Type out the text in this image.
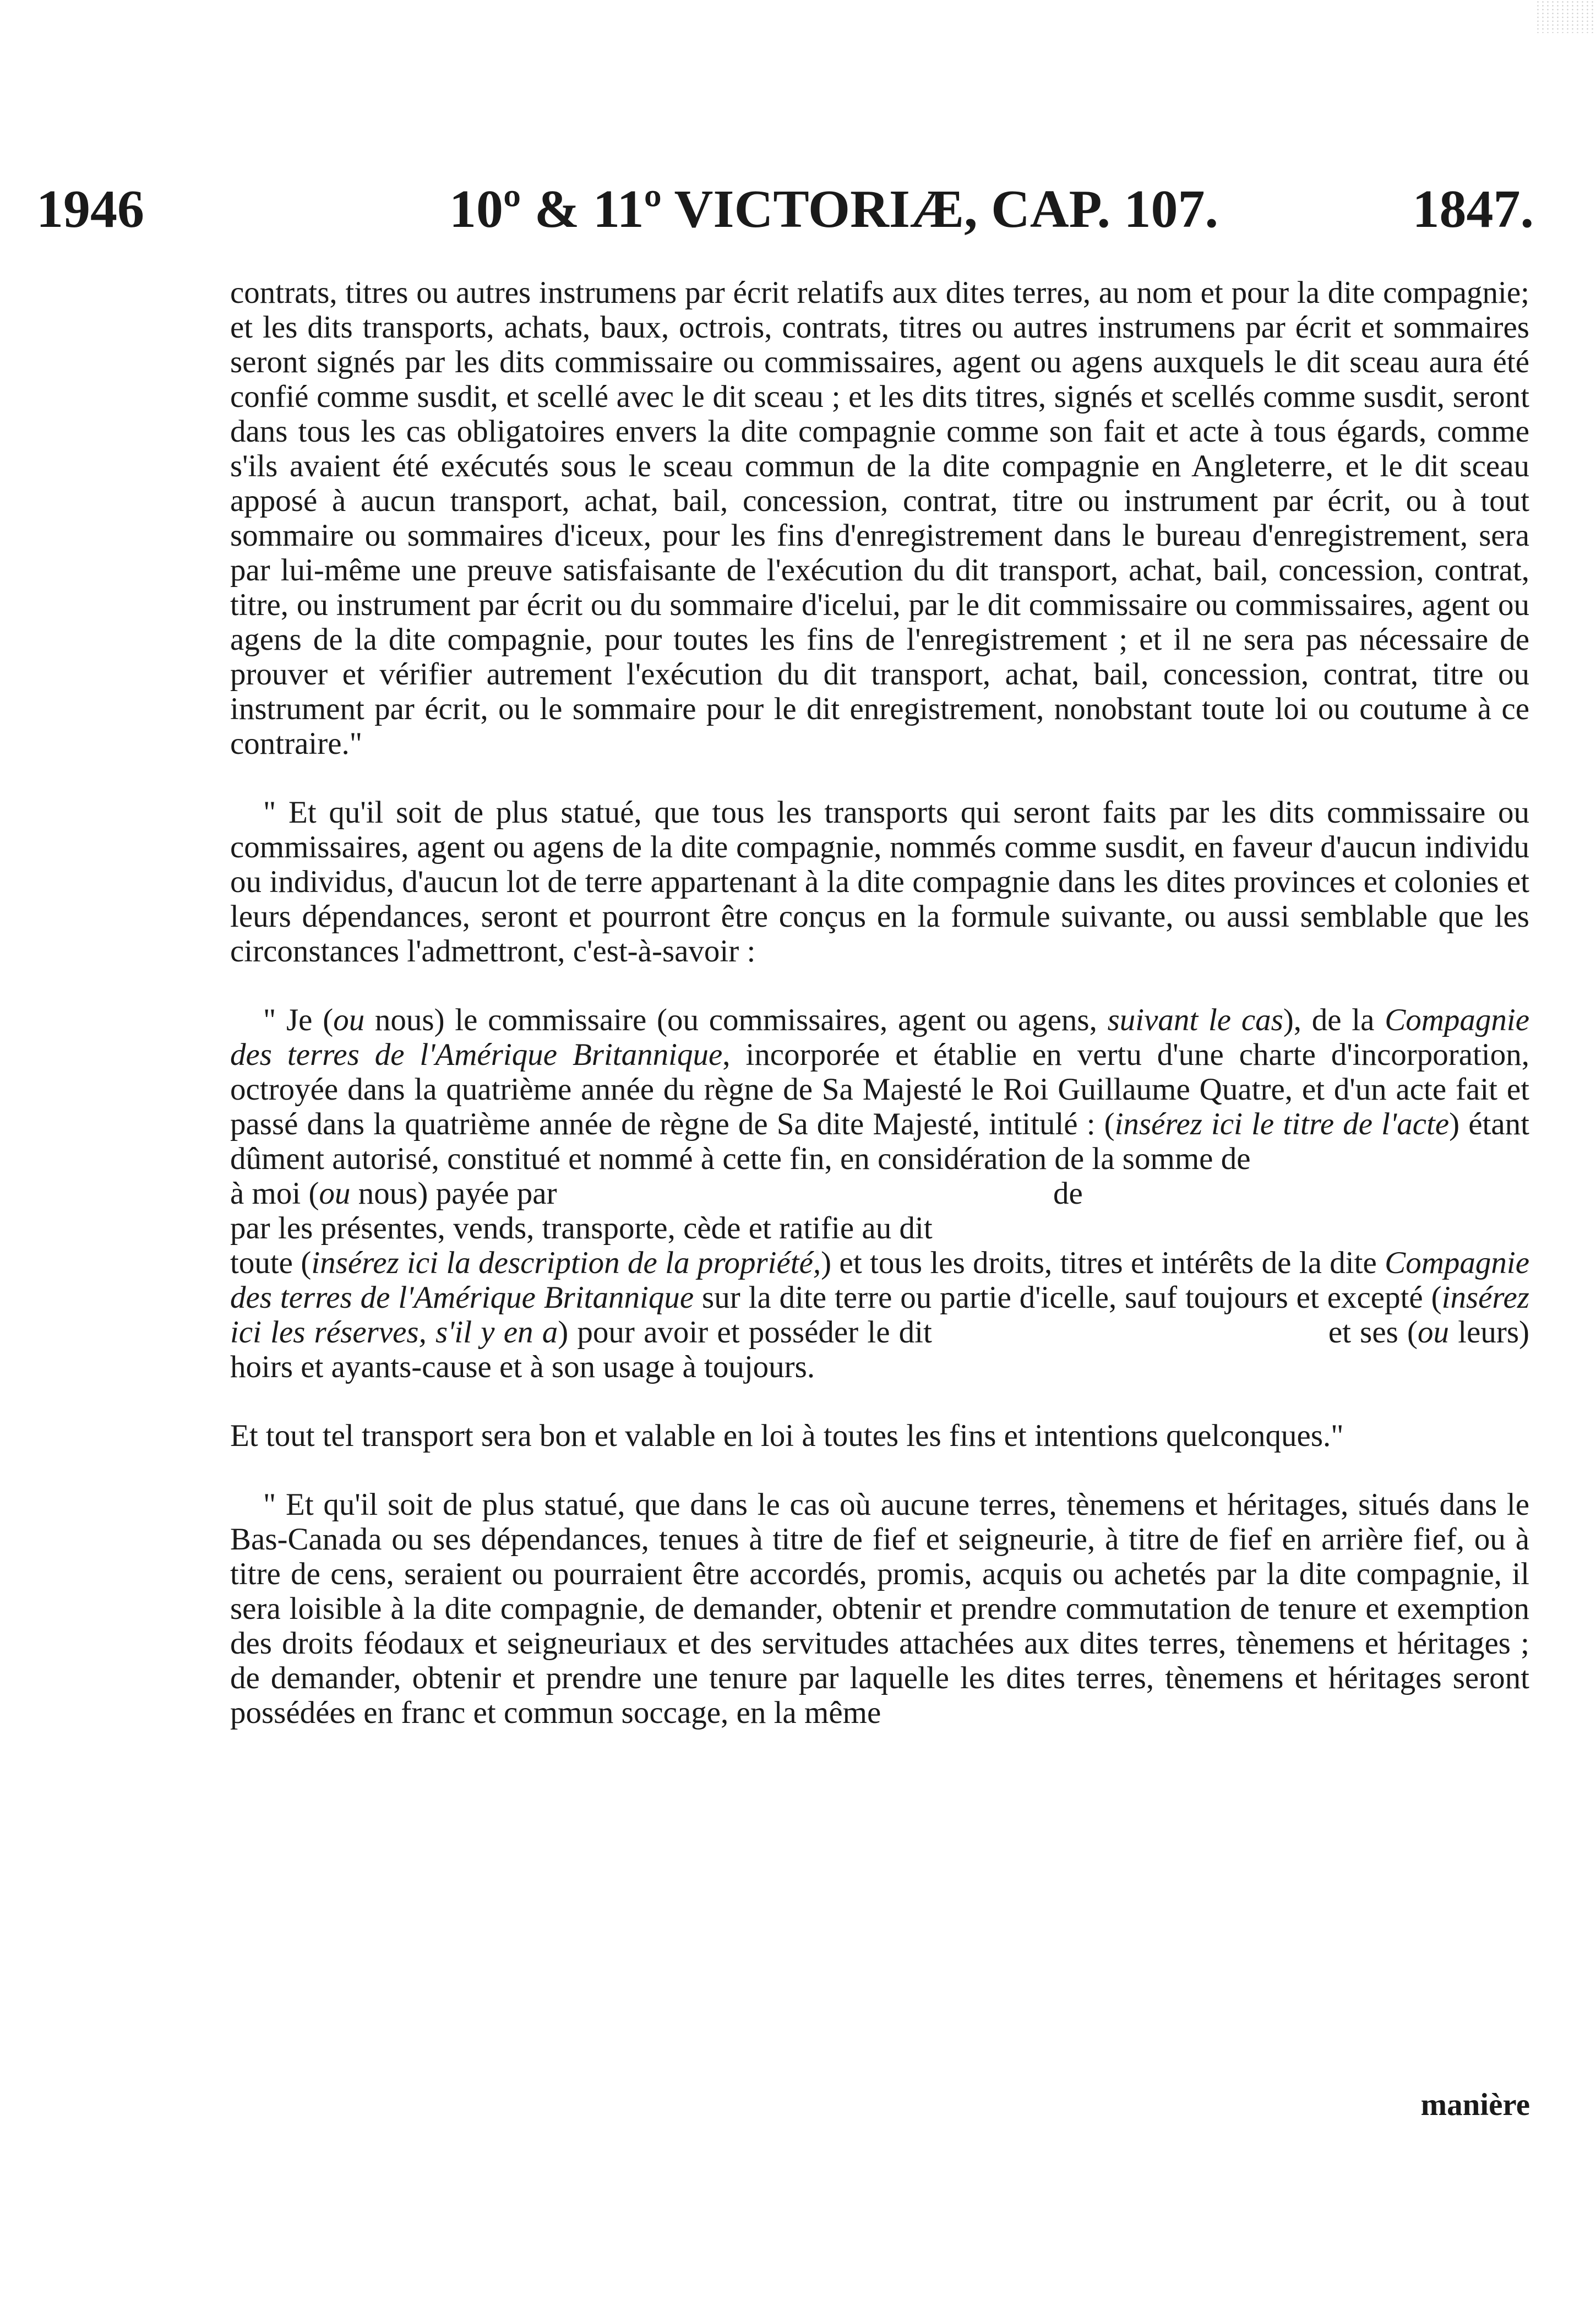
1946	10º & 11º VICTORIÆ, CAP. 107.	1847.

contrats, titres ou autres instrumens par écrit relatifs aux dites terres, au nom et pour la dite compagnie; et les dits transports, achats, baux, octrois, contrats, titres ou autres instrumens par écrit et sommaires seront signés par les dits commissaire ou commissaires, agent ou agens auxquels le dit sceau aura été confié comme susdit, et scellé avec le dit sceau ; et les dits titres, signés et scellés comme susdit, seront dans tous les cas obligatoires envers la dite compagnie comme son fait et acte à tous égards, comme s'ils avaient été exécutés sous le sceau commun de la dite compagnie en Angleterre, et le dit sceau apposé à aucun transport, achat, bail, concession, contrat, titre ou instrument par écrit, ou à tout sommaire ou sommaires d'iceux, pour les fins d'enregistrement dans le bureau d'enregistrement, sera par lui-même une preuve satisfaisante de l'exécution du dit transport, achat, bail, concession, contrat, titre, ou instrument par écrit ou du sommaire d'icelui, par le dit commissaire ou commissaires, agent ou agens de la dite compagnie, pour toutes les fins de l'enregistrement ; et il ne sera pas nécessaire de prouver et vérifier autrement l'exécution du dit transport, achat, bail, concession, contrat, titre ou instrument par écrit, ou le sommaire pour le dit enregistrement, nonobstant toute loi ou coutume à ce contraire."

" Et qu'il soit de plus statué, que tous les transports qui seront faits par les dits commissaire ou commissaires, agent ou agens de la dite compagnie, nommés comme susdit, en faveur d'aucun individu ou individus, d'aucun lot de terre appartenant à la dite compagnie dans les dites provinces et colonies et leurs dépendances, seront et pourront être conçus en la formule suivante, ou aussi semblable que les circonstances l'admettront, c'est-à-savoir :

" Je (ou nous) le commissaire (ou commissaires, agent ou agens, suivant le cas), de la Compagnie des terres de l'Amérique Britannique, incorporée et établie en vertu d'une charte d'incorporation, octroyée dans la quatrième année du règne de Sa Majesté le Roi Guillaume Quatre, et d'un acte fait et passé dans la quatrième année de règne de Sa dite Majesté, intitulé : (insérez ici le titre de l'acte) étant dûment autorisé, constitué et nommé à cette fin, en considération de la somme de
à moi (ou nous) payée par	de
par les présentes, vends, transporte, cède et ratifie au dit
toute (insérez ici la description de la propriété,) et tous les droits, titres et intérêts de la dite Compagnie des terres de l'Amérique Britannique sur la dite terre ou partie d'icelle, sauf toujours et excepté (insérez ici les réserves, s'il y en a) pour avoir et posséder le dit	et ses (ou leurs) hoirs et ayants-cause et à son usage à toujours.

Et tout tel transport sera bon et valable en loi à toutes les fins et intentions quelconques."

" Et qu'il soit de plus statué, que dans le cas où aucune terres, tènemens et héritages, situés dans le Bas-Canada ou ses dépendances, tenues à titre de fief et seigneurie, à titre de fief en arrière fief, ou à titre de cens, seraient ou pourraient être accordés, promis, acquis ou achetés par la dite compagnie, il sera loisible à la dite compagnie, de demander, obtenir et prendre commutation de tenure et exemption des droits féodaux et seigneuriaux et des servitudes attachées aux dites terres, tènemens et héritages ; de demander, obtenir et prendre une tenure par laquelle les dites terres, tènemens et héritages seront possédées en franc et commun soccage, en la même

manière
